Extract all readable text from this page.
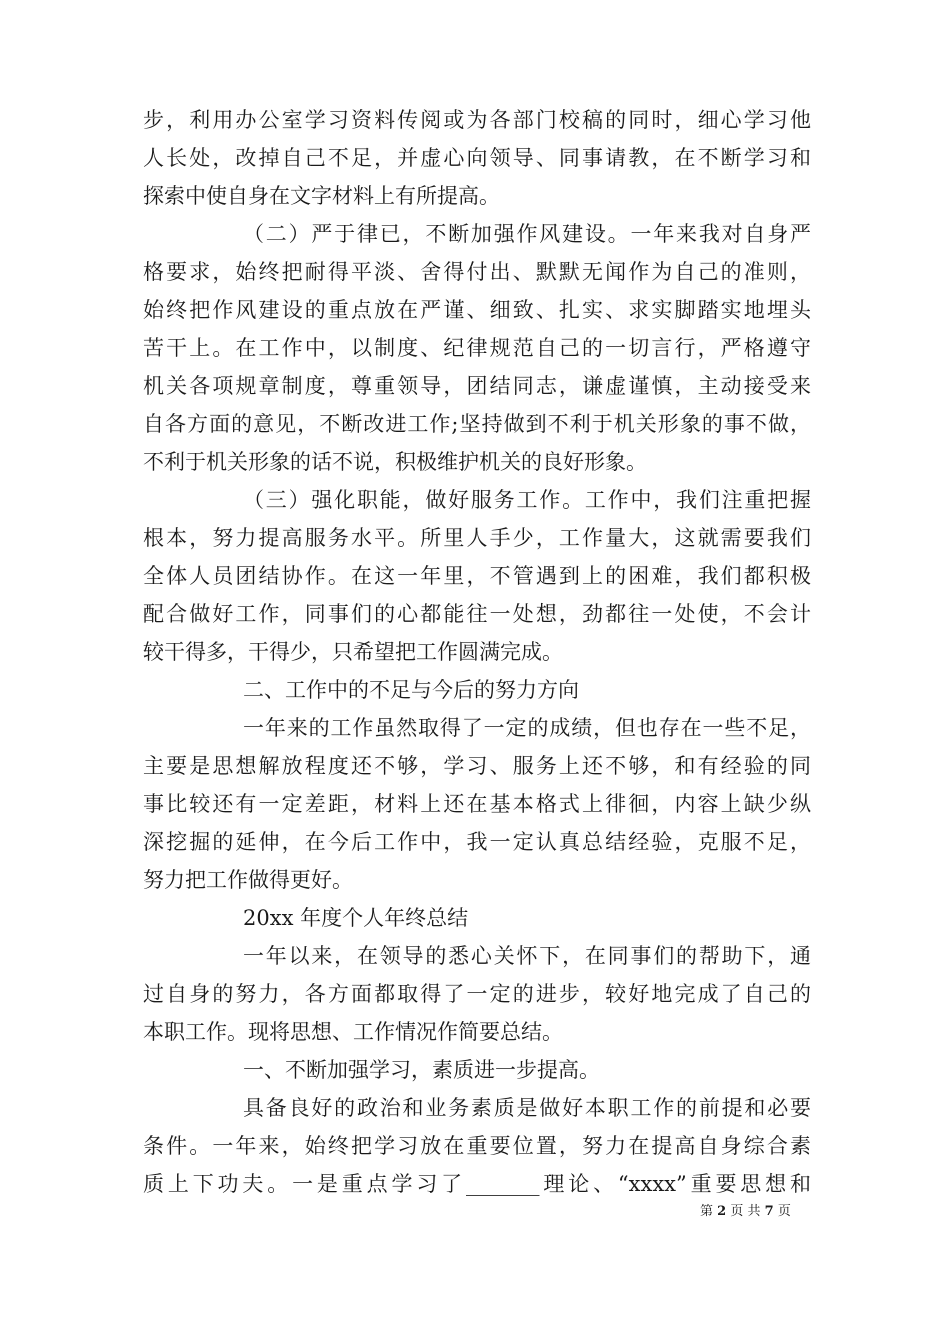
步，利用办公室学习资料传阅或为各部门校稿的同时，细心学习他
人长处，改掉自己不足，并虚心向领导、同事请教，在不断学习和
探索中使自身在文字材料上有所提高。
（二）严于律已，不断加强作风建设。一年来我对自身严
格要求，始终把耐得平淡、舍得付出、默默无闻作为自己的准则，
始终把作风建设的重点放在严谨、细致、扎实、求实脚踏实地埋头
苦干上。在工作中，以制度、纪律规范自己的一切言行，严格遵守
机关各项规章制度，尊重领导，团结同志，谦虚谨慎，主动接受来
自各方面的意见，不断改进工作;坚持做到不利于机关形象的事不做，
不利于机关形象的话不说，积极维护机关的良好形象。
（三）强化职能，做好服务工作。工作中，我们注重把握
根本，努力提高服务水平。所里人手少，工作量大，这就需要我们
全体人员团结协作。在这一年里，不管遇到上的困难，我们都积极
配合做好工作，同事们的心都能往一处想，劲都往一处使，不会计
较干得多，干得少，只希望把工作圆满完成。
二、工作中的不足与今后的努力方向
一年来的工作虽然取得了一定的成绩，但也存在一些不足，
主要是思想解放程度还不够，学习、服务上还不够，和有经验的同
事比较还有一定差距，材料上还在基本格式上徘徊，内容上缺少纵
深挖掘的延伸，在今后工作中，我一定认真总结经验，克服不足，
努力把工作做得更好。
20xx 年度个人年终总结
一年以来，在领导的悉心关怀下，在同事们的帮助下，通
过自身的努力，各方面都取得了一定的进步，较好地完成了自己的
本职工作。现将思想、工作情况作简要总结。
一、不断加强学习，素质进一步提高。
具备良好的政治和业务素质是做好本职工作的前提和必要
条件。一年来，始终把学习放在重要位置，努力在提高自身综合素
质上下功夫。一是重点学习了_______理论、“xxxx”重要思想和
第 2 页 共 7 页
